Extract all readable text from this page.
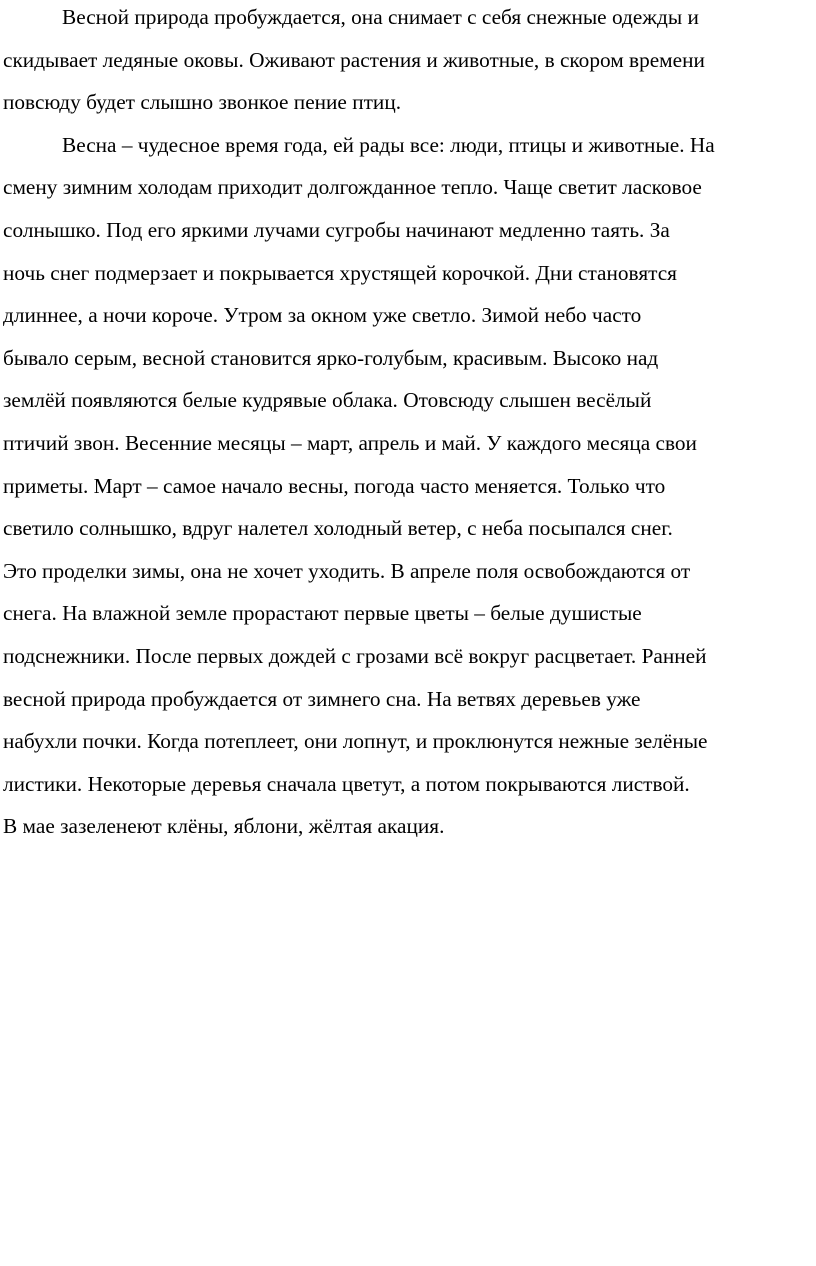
Весной природа пробуждается, она снимает с себя снежные одежды и
скидывает ледяные оковы. Оживают растения и животные, в скором времени
повсюду будет слышно звонкое пение птиц.
Весна – чудесное время года, ей рады все: люди, птицы и животные. На
смену зимним холодам приходит долгожданное тепло. Чаще светит ласковое
солнышко. Под его яркими лучами сугробы начинают медленно таять. За
ночь снег подмерзает и покрывается хрустящей корочкой. Дни становятся
длиннее, а ночи короче. Утром за окном уже светло. Зимой небо часто
бывало серым, весной становится ярко-голубым, красивым. Высоко над
землёй появляются белые кудрявые облака. Отовсюду слышен весёлый
птичий звон. Весенние месяцы – март, апрель и май. У каждого месяца свои
приметы. Март – самое начало весны, погода часто меняется. Только что
светило солнышко, вдруг налетел холодный ветер, с неба посыпался снег.
Это проделки зимы, она не хочет уходить. В апреле поля освобождаются от
снега. На влажной земле прорастают первые цветы – белые душистые
подснежники. После первых дождей с грозами всё вокруг расцветает. Ранней
весной природа пробуждается от зимнего сна. На ветвях деревьев уже
набухли почки. Когда потеплеет, они лопнут, и проклюнутся нежные зелёные
листики. Некоторые деревья сначала цветут, а потом покрываются листвой.
В мае зазеленеют клёны, яблони, жёлтая акация.
